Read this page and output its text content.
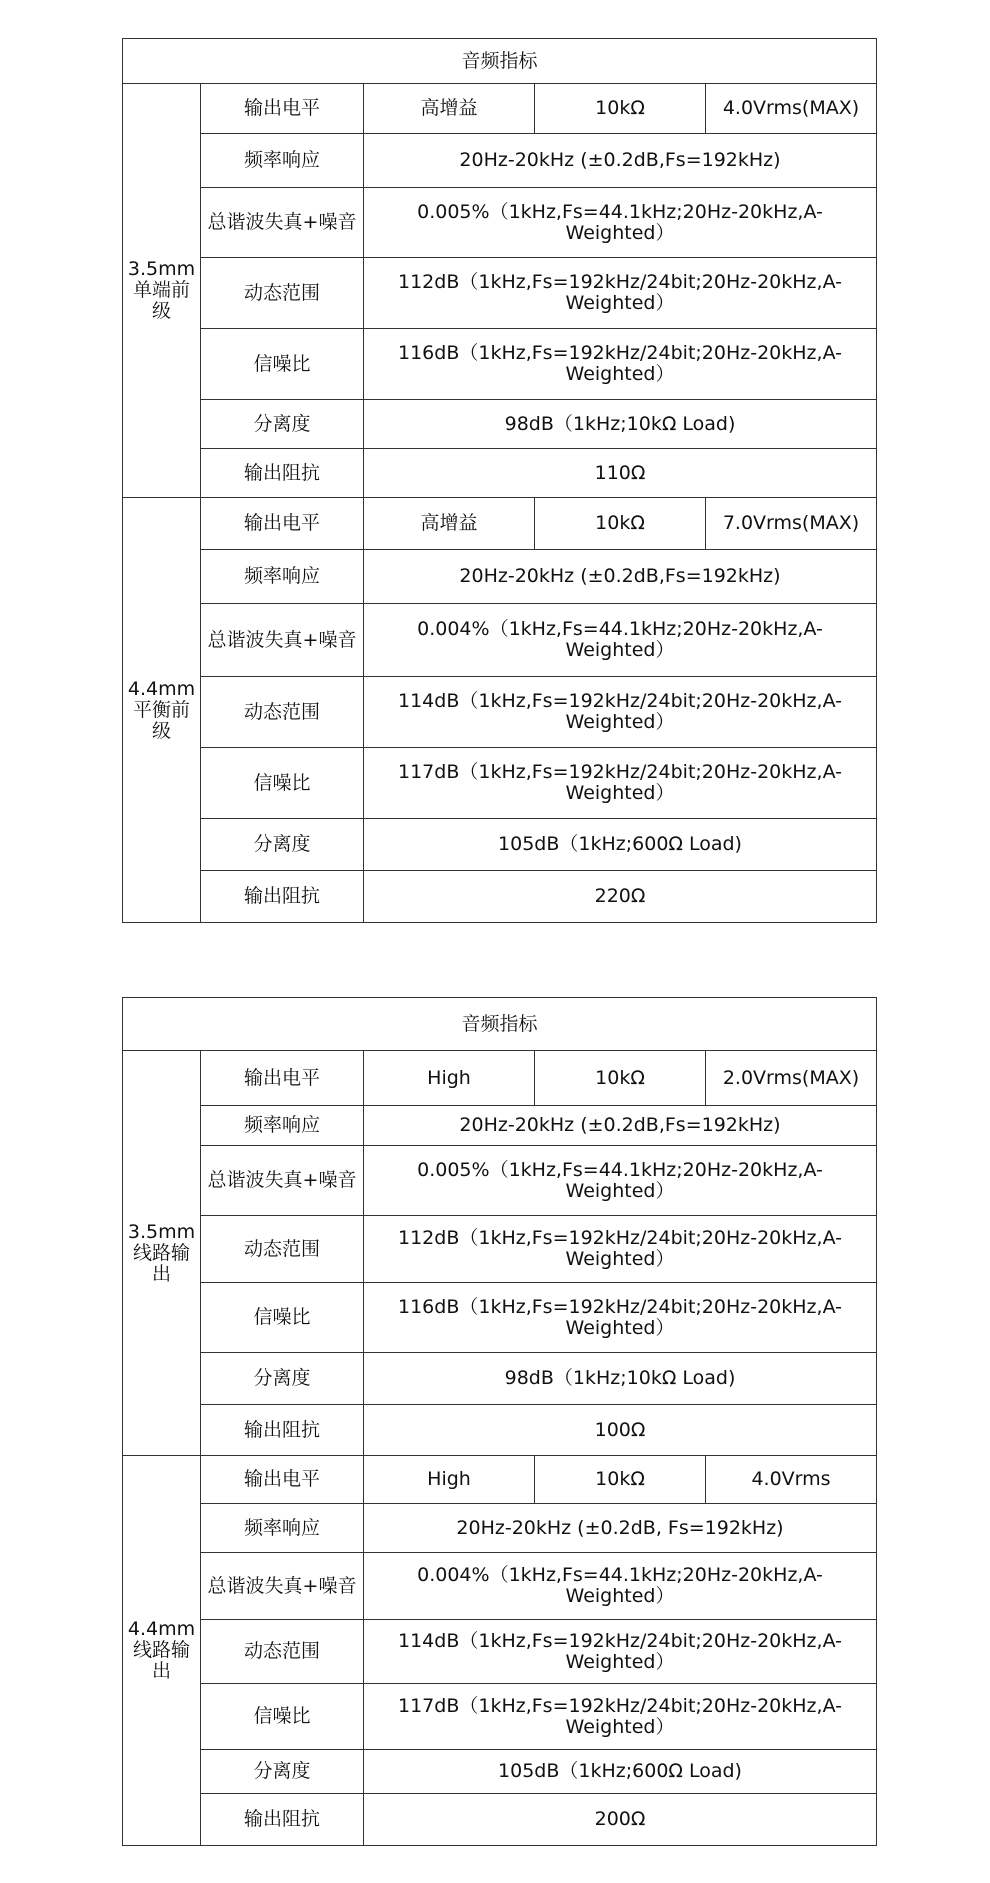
音频指标				
3.5mm单端前级	输出电平	高增益	10kΩ	4.0Vrms(MAX)
	频率响应	20Hz-20kHz (±0.2dB,Fs=192kHz)		
	总谐波失真+噪音	0.005%（1kHz,Fs=44.1kHz;20Hz-20kHz,A-Weighted）		
	动态范围	112dB（1kHz,Fs=192kHz/24bit;20Hz-20kHz,A-Weighted）		
	信噪比	116dB（1kHz,Fs=192kHz/24bit;20Hz-20kHz,A-Weighted）		
	分离度	98dB（1kHz;10kΩ Load)		
	输出阻抗	110Ω		
4.4mm平衡前级	输出电平	高增益	10kΩ	7.0Vrms(MAX)
	频率响应	20Hz-20kHz (±0.2dB,Fs=192kHz)		
	总谐波失真+噪音	0.004%（1kHz,Fs=44.1kHz;20Hz-20kHz,A-Weighted）		
	动态范围	114dB（1kHz,Fs=192kHz/24bit;20Hz-20kHz,A-Weighted）		
	信噪比	117dB（1kHz,Fs=192kHz/24bit;20Hz-20kHz,A-Weighted）		
	分离度	105dB（1kHz;600Ω Load)		
	输出阻抗	220Ω		
音频指标				
3.5mm线路输出	输出电平	High	10kΩ	2.0Vrms(MAX)
	频率响应	20Hz-20kHz (±0.2dB,Fs=192kHz)		
	总谐波失真+噪音	0.005%（1kHz,Fs=44.1kHz;20Hz-20kHz,A-Weighted）		
	动态范围	112dB（1kHz,Fs=192kHz/24bit;20Hz-20kHz,A-Weighted）		
	信噪比	116dB（1kHz,Fs=192kHz/24bit;20Hz-20kHz,A-Weighted）		
	分离度	98dB（1kHz;10kΩ Load)		
	输出阻抗	100Ω		
4.4mm线路输出	输出电平	High	10kΩ	4.0Vrms
	频率响应	20Hz-20kHz (±0.2dB, Fs=192kHz)		
	总谐波失真+噪音	0.004%（1kHz,Fs=44.1kHz;20Hz-20kHz,A-Weighted）		
	动态范围	114dB（1kHz,Fs=192kHz/24bit;20Hz-20kHz,A-Weighted）		
	信噪比	117dB（1kHz,Fs=192kHz/24bit;20Hz-20kHz,A-Weighted）		
	分离度	105dB（1kHz;600Ω Load)		
	输出阻抗	200Ω		
